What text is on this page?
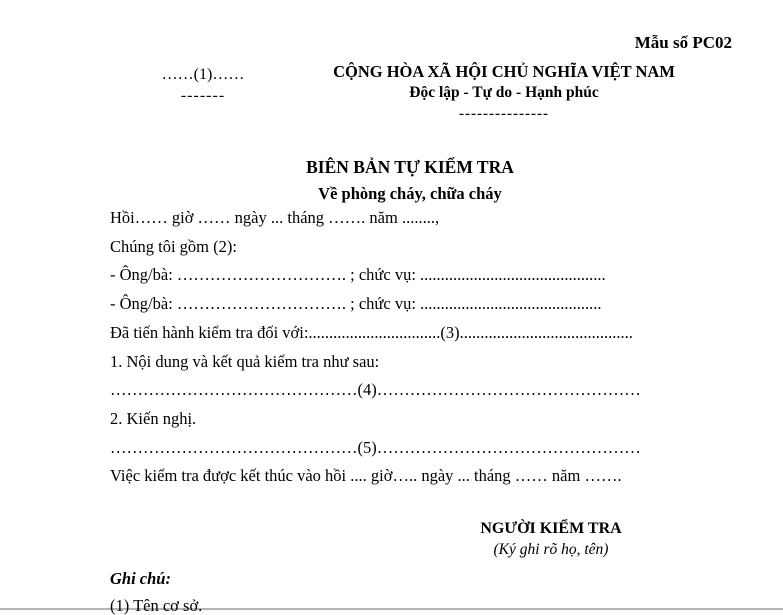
Mẫu số PC02
……(1)……
-------
CỘNG HÒA XÃ HỘI CHỦ NGHĨA VIỆT NAM
Độc lập - Tự do - Hạnh phúc
---------------
BIÊN BẢN TỰ KIỂM TRA
Về phòng cháy, chữa cháy
Hồi…… giờ …… ngày ... tháng ……. năm ........,
Chúng tôi gồm (2):
- Ông/bà: …………………………. ; chức vụ: .............................................
- Ông/bà: …………………………. ; chức vụ: ............................................
Đã tiến hành kiểm tra đối với:................................(3)..........................................
1. Nội dung và kết quả kiểm tra như sau:
………………………………………(4)…………………………………………
2. Kiến nghị.
………………………………………(5)…………………………………………
Việc kiểm tra được kết thúc vào hồi .... giờ….. ngày ... tháng …… năm …….
NGƯỜI KIỂM TRA
(Ký ghi rõ họ, tên)
Ghi chú:
(1) Tên cơ sở.
